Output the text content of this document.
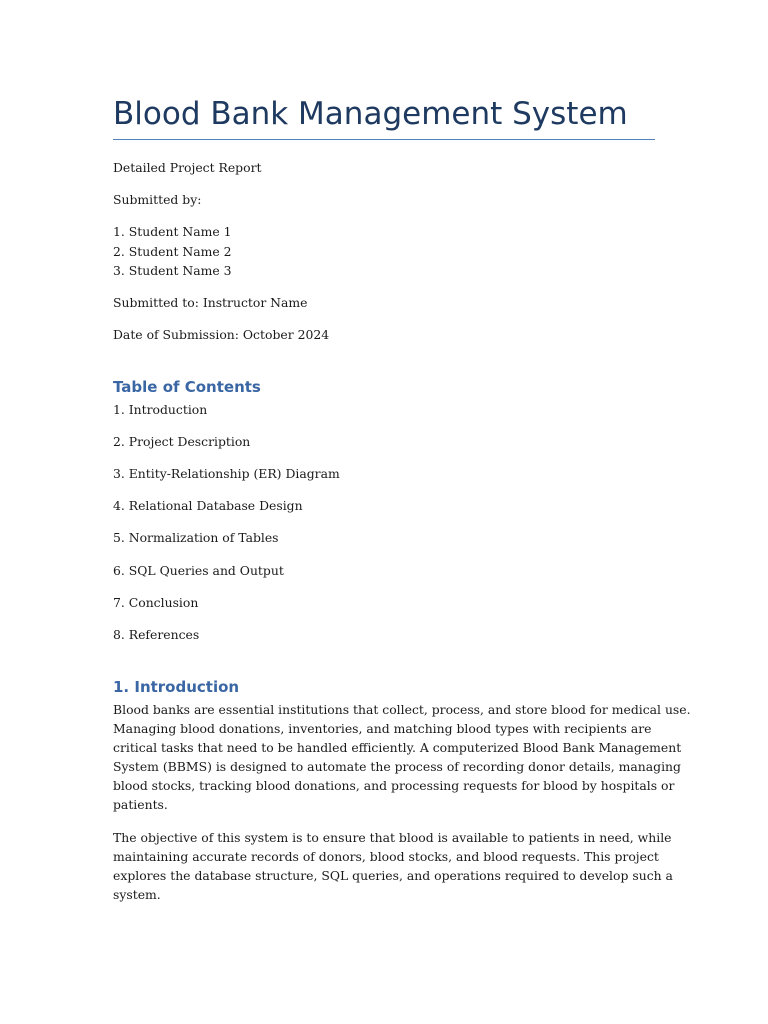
Blood Bank Management System

Detailed Project Report

Submitted by:

1. Student Name 1

2. Student Name 2

3. Student Name 3

Submitted to: Instructor Name

Date of Submission: October 2024

Table of Contents

1. Introduction

2. Project Description

3. Entity-Relationship (ER) Diagram

4. Relational Database Design

5. Normalization of Tables

6. SQL Queries and Output

7. Conclusion

8. References

1. Introduction
Blood banks are essential institutions that collect, process, and store blood for medical use.
Managing blood donations, inventories, and matching blood types with recipients are
critical tasks that need to be handled efficiently. A computerized Blood Bank Management
System (BBMS) is designed to automate the process of recording donor details, managing
blood stocks, tracking blood donations, and processing requests for blood by hospitals or
patients.
The objective of this system is to ensure that blood is available to patients in need, while
maintaining accurate records of donors, blood stocks, and blood requests. This project
explores the database structure, SQL queries, and operations required to develop such a
system.
